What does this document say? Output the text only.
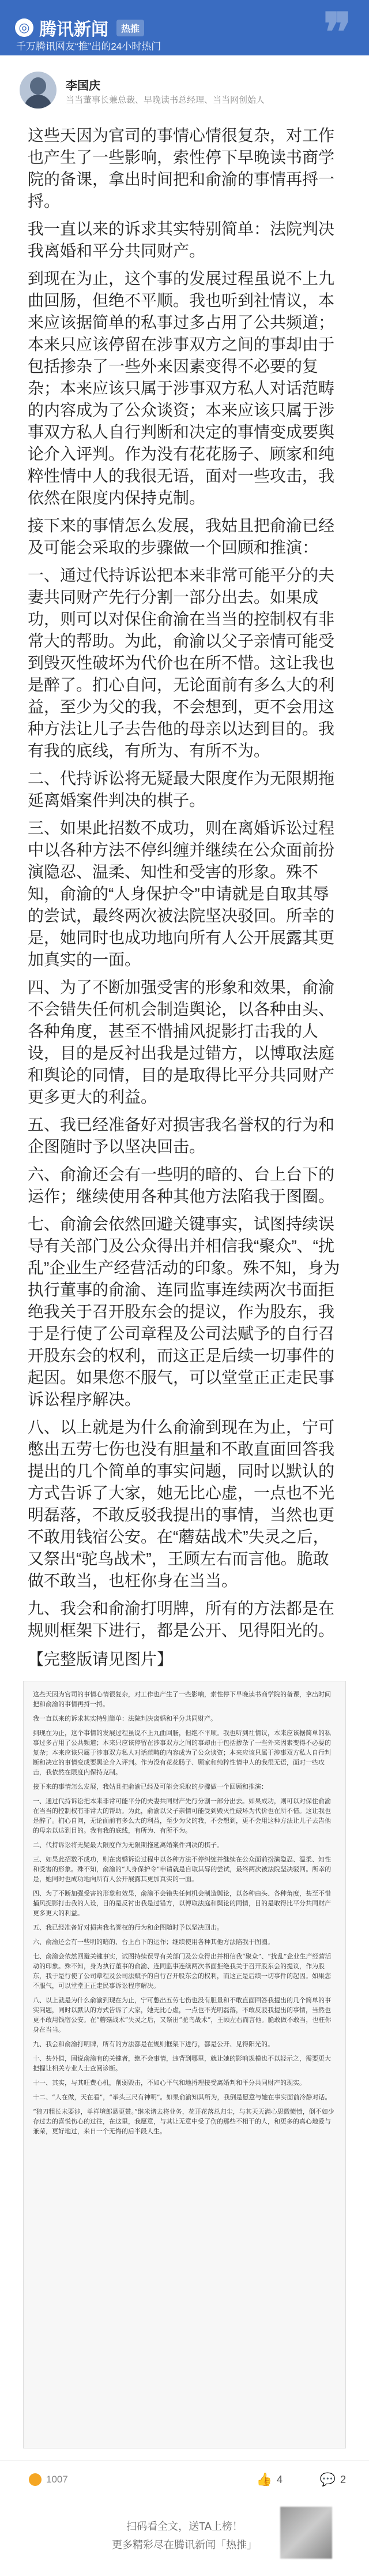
◎ 腾讯新闻	热推
千万腾讯网友“推”出的24小时热门	❞
李国庆
当当董事长兼总裁、早晚读书总经理、当当网创始人

这些天因为官司的事情心情很复杂，对工作也产生了一些影响，索性停下早晚读书商学院的备课，拿出时间把和俞渝的事情再捋一捋。

我一直以来的诉求其实特别简单：法院判决我离婚和平分共同财产。

到现在为止，这个事的发展过程虽说不上九曲回肠，但绝不平顺。我也听到社情议，本来应该据简单的私事过多占用了公共频道；本来只应该停留在涉事双方之间的事却由于包括掺杂了一些外来因素变得不必要的复杂；本来应该只属于涉事双方私人对话范畴的内容成为了公众谈资；本来应该只属于涉事双方私人自行判断和决定的事情变成要舆论介入评判。作为没有花花肠子、顾家和纯粹性情中人的我很无语，面对一些攻击，我依然在限度内保持克制。

接下来的事情怎么发展，我姑且把俞渝已经及可能会采取的步骤做一个回顾和推演：

一、通过代持诉讼把本来非常可能平分的夫妻共同财产先行分割一部分出去。如果成功，则可以对保住俞渝在当当的控制权有非常大的帮助。为此，俞渝以父子亲情可能受到毁灭性破坏为代价也在所不惜。这让我也是醉了。扪心自问，无论面前有多么大的利益，至少为父的我，不会想到，更不会用这种方法让儿子去告他的母亲以达到目的。我有我的底线，有所为、有所不为。

二、代持诉讼将无疑最大限度作为无限期拖延离婚案件判决的棋子。

三、如果此招数不成功，则在离婚诉讼过程中以各种方法不停纠缠并继续在公众面前扮演隐忍、温柔、知性和受害的形象。殊不知，俞渝的“人身保护令”申请就是自取其辱的尝试，最终两次被法院坚决驳回。所幸的是，她同时也成功地向所有人公开展露其更加真实的一面。

四、为了不断加强受害的形象和效果，俞渝不会错失任何机会制造舆论，以各种由头、各种角度，甚至不惜捕风捉影打击我的人设，目的是反衬出我是过错方，以博取法庭和舆论的同情，目的是取得比平分共同财产更多更大的利益。

五、我已经准备好对损害我名誉权的行为和企图随时予以坚决回击。

六、俞渝还会有一些明的暗的、台上台下的运作；继续使用各种其他方法陷我于图圈。

七、俞渝会依然回避关键事实，试图持续误导有关部门及公众得出并相信我“聚众”、“扰乱”企业生产经营活动的印象。殊不知，身为执行董事的俞渝、连同监事连续两次书面拒绝我关于召开股东会的提议，作为股东，我于是行使了公司章程及公司法赋予的自行召开股东会的权利，而这正是后续一切事件的起因。如果您不服气，可以堂堂正正走民事诉讼程序解决。

八、以上就是为什么俞渝到现在为止，宁可憋出五劳七伤也没有胆量和不敢直面回答我提出的几个简单的事实问题，同时以默认的方式告诉了大家，她无比心虚，一点也不光明磊落，不敢反驳我提出的事情，当然也更不敢用钱宿公安。在“蘑菇战术”失灵之后，又祭出“驼鸟战术”，王顾左右而言他。脆敢做不敢当，也枉你身在当当。

九、我会和俞渝打明牌，所有的方法都是在规则框架下进行，都是公开、见得阳光的。

【完整版请见图片】

这些天因为官司的事情心情很复杂，对工作也产生了一些影响，索性停下早晚读书商学院的备课，拿出时间把和俞渝的事情再捋一捋。

我一直以来的诉求其实特别简单：法院判决离婚和平分共同财产。

到现在为止，这个事情的发展过程虽说不上九曲回肠，但绝不平顺。我也听到社情议，本来应该据简单的私事过多占用了公共频道；本来只应该停留在涉事双方之间的事却由于包括掺杂了一些外来因素变得不必要的复杂；本来应该只属于涉事双方私人对话范畴的内容成为了公众谈资；本来应该只属于涉事双方私人自行判断和决定的事情变成要舆论介入评判。作为没有花花肠子、顾家和纯粹性情中人的我很无语，面对一些攻击，我依然在限度内保持克制。

接下来的事情怎么发展，我姑且把俞渝已经及可能会采取的步骤做一个回顾和推演：

一、通过代持诉讼把本来非常可能平分的夫妻共同财产先行分割一部分出去。如果成功，则可以对保住俞渝在当当的控制权有非常大的帮助。为此，俞渝以父子亲情可能受到毁灭性破坏为代价也在所不惜。这让我也是醉了。扪心自问，无论面前有多么大的利益，至少为父的我，不会想到，更不会用这种方法让儿子去告他的母亲以达到目的。我有我的底线，有所为、有所不为。

二、代持诉讼将无疑最大限度作为无限期拖延离婚案件判决的棋子。

三、如果此招数不成功，则在离婚诉讼过程中以各种方法不停纠缠并继续在公众面前扮演隐忍、温柔、知性和受害的形象。殊不知，俞渝的“人身保护令”申请就是自取其辱的尝试，最终两次被法院坚决驳回。所幸的是，她同时也成功地向所有人公开展露其更加真实的一面。

四、为了不断加强受害的形象和效果，俞渝不会错失任何机会制造舆论，以各种由头、各种角度，甚至不惜捕风捉影打击我的人设，目的是反衬出我是过错方，以博取法庭和舆论的同情，目的是取得比平分共同财产更多更大的利益。

五、我已经准备好对损害我名誉权的行为和企图随时予以坚决回击。

六、俞渝还会有一些明的暗的、台上台下的运作；继续使用各种其他方法陷我于图圈。

七、俞渝会依然回避关键事实，试图持续误导有关部门及公众得出并相信我“聚众”、“扰乱”企业生产经营活动的印象。殊不知，身为执行董事的俞渝、连同监事连续两次书面拒绝我关于召开股东会的提议，作为股东，我于是行使了公司章程及公司法赋予的自行召开股东会的权利，而这正是后续一切事件的起因。如果您不服气，可以堂堂正正走民事诉讼程序解决。

八、以上就是为什么俞渝到现在为止，宁可憋出五劳七伤也没有胆量和不敢直面回答我提出的几个简单的事实问题，同时以默认的方式告诉了大家，她无比心虚，一点也不光明磊落，不敢反驳我提出的事情，当然也更不敢用钱宿公安。在“蘑菇战术”失灵之后，又祭出“驼鸟战术”，王顾左右而言他。脆敢做不敢当，也枉你身在当当。

九、我会和俞渝打明牌，所有的方法都是在规则框架下进行，都是公开、见得阳光的。

十、甚外值，固说俞渝有的关键者，绝不会事情，违背到哪里，就让她的影响规模也不以轻示之，需要更大把握让相关专业人士查阅诊断。

十一、其实，与其旺费心机，削弱毁击，不如心平气和地捋理接受离婚判和平分共同财产的现实。

十二、“人在做，天在看”，“举头三尺有神明”。如果俞渝知其所为，我倒是愿意与她在事实面前冷静对话。

“狼刀粗长未要涉，单祥境郎悬更赞。”继米诸去将业务，花开花落总归尘，与其天天满心思微愤愤，倒不如少存过去的喜悦伤心的过往，在这里，我愿意，与其让无意中受了伤的那些不相干的人，和更多的真心地爱与兼荣，更好地过，来日一个无悔的后半段人生。

1007	👍 4	💬 2
扫码看全文，送TA上榜！
更多精彩尽在腾讯新闻「热推」
